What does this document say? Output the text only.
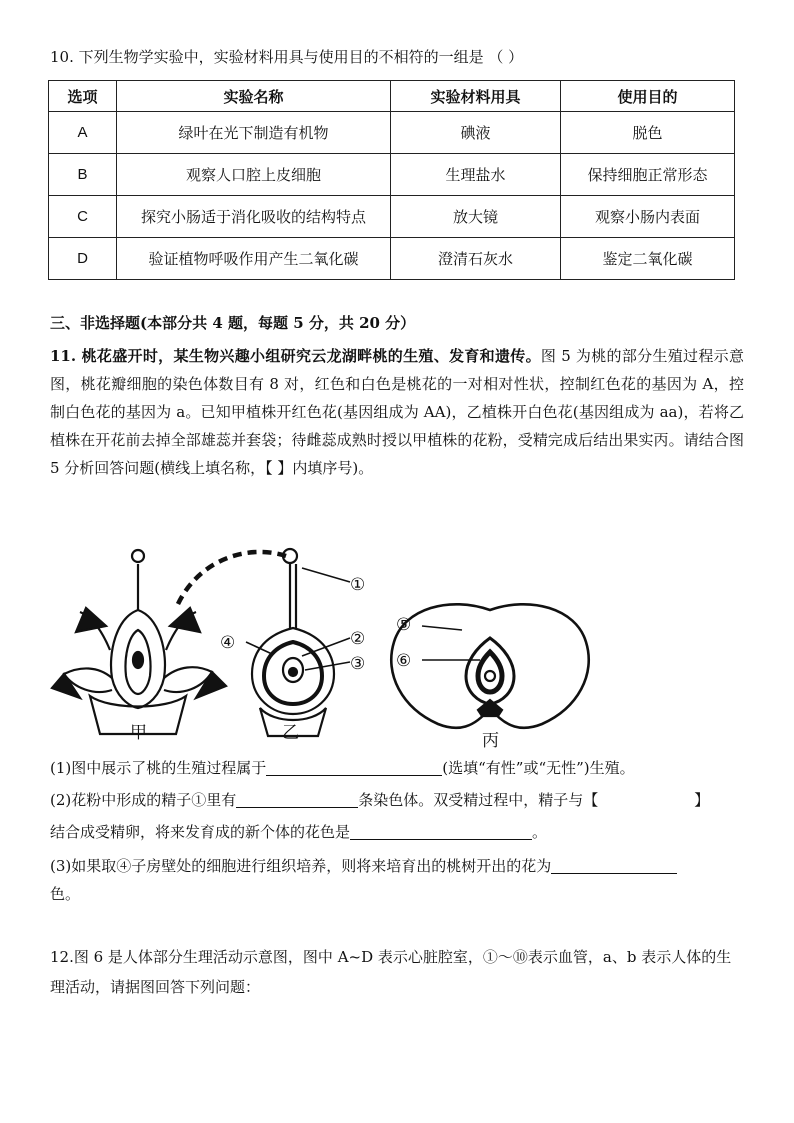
10. 下列生物学实验中，实验材料用具与使用目的不相符的一组是 （ ）
选项	实验名称	实验材料用具	使用目的
A	绿叶在光下制造有机物	碘液	脱色
B	观察人口腔上皮细胞	生理盐水	保持细胞正常形态
C	探究小肠适于消化吸收的结构特点	放大镜	观察小肠内表面
D	验证植物呼吸作用产生二氧化碳	澄清石灰水	鉴定二氧化碳
三、非选择题(本部分共 4 题，每题 5 分，共 20 分）
11. 桃花盛开时，某生物兴趣小组研究云龙湖畔桃的生殖、发育和遗传。图 5 为桃的部分生殖过程示意图，桃花瓣细胞的染色体数目有 8 对，红色和白色是桃花的一对相对性状，控制红色花的基因为 A，控制白色花的基因为 a。已知甲植株开红色花(基因组成为 AA)，乙植株开白色花(基因组成为 aa)，若将乙植株在开花前去掉全部雄蕊并套袋；待雌蕊成熟时授以甲植株的花粉，受精完成后结出果实丙。请结合图 5 分析回答问题(横线上填名称，【 】内填序号)。
①
②
③
④
⑤
⑥
甲	乙	丙
(1)图中展示了桃的生殖过程属于	(选填“有性”或“无性”)生殖。
(2)花粉中形成的精子①里有	条染色体。双受精过程中，精子与【	】
结合成受精卵，将来发育成的新个体的花色是	。
(3)如果取④子房壁处的细胞进行组织培养，则将来培育出的桃树开出的花为
色。
12.图 6 是人体部分生理活动示意图，图中 A~D 表示心脏腔室，①～⑩表示血管，a、b 表示人体的生理活动，请据图回答下列问题：
